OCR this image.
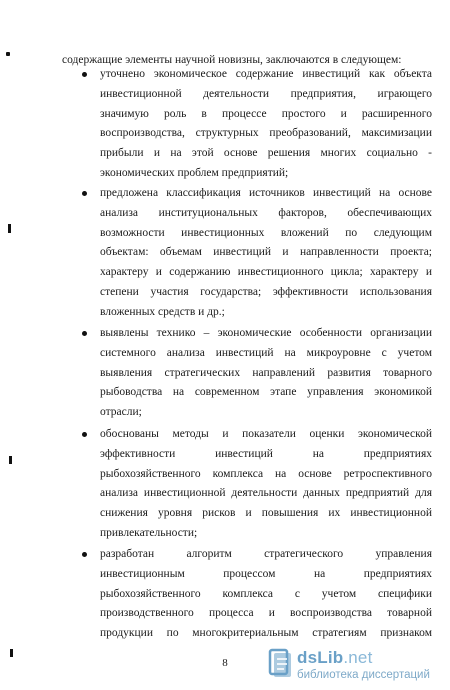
содержащие элементы научной новизны, заключаются в следующем:
уточнено экономическое содержание инвестиций как объекта
инвестиционной деятельности предприятия, играющего
значимую роль в процессе простого и расширенного
воспроизводства, структурных преобразований, максимизации
прибыли и на этой основе решения многих социально -
экономических проблем предприятий;
предложена классификация источников инвестиций на основе
анализа институциональных факторов, обеспечивающих
возможности инвестиционных вложений по следующим
объектам: объемам инвестиций и направленности проекта;
характеру и содержанию инвестиционного цикла; характеру и
степени участия государства; эффективности использования
вложенных средств и др.;
выявлены технико – экономические особенности организации
системного анализа инвестиций на микроуровне с учетом
выявления стратегических направлений развития товарного
рыбоводства на современном этапе управления экономикой
отрасли;
обоснованы методы и показатели оценки экономической
эффективности инвестиций на предприятиях
рыбохозяйственного комплекса на основе ретроспективного
анализа инвестиционной деятельности данных предприятий для
снижения уровня рисков и повышения их инвестиционной
привлекательности;
разработан алгоритм стратегического управления
инвестиционным процессом на предприятиях
рыбохозяйственного комплекса с учетом специфики
производственного процесса и воспроизводства товарной
продукции по многокритериальным стратегиям признаком
8	dsLib.net
библиотека диссертаций
